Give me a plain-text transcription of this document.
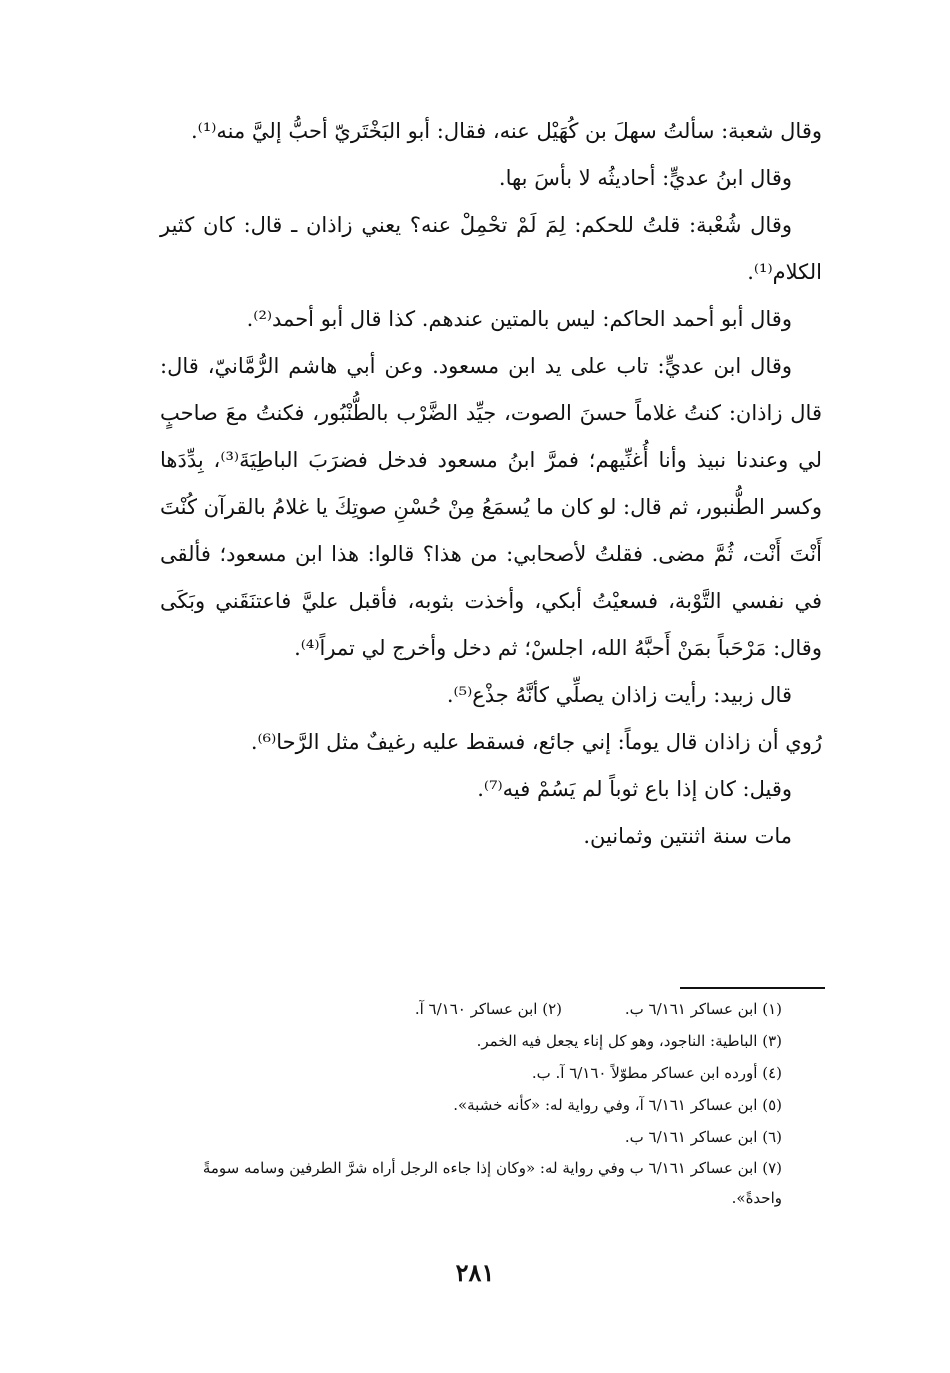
وقال شعبة: سألتُ سهلَ بن كُهَيْل عنه، فقال: أبو البَخْتَريّ أحبُّ إليَّ منه⁽¹⁾.

وقال ابنُ عديٍّ: أحاديثُه لا بأسَ بها.

وقال شُعْبة: قلتُ للحكم: لِمَ لَمْ تحْمِلْ عنه؟ يعني زاذان ـ قال: كان كثير الكلام⁽¹⁾.

وقال أبو أحمد الحاكم: ليس بالمتين عندهم. كذا قال أبو أحمد⁽²⁾.

وقال ابن عديٍّ: تاب على يد ابن مسعود. وعن أبي هاشم الرُّمَّانيّ، قال: قال زاذان: كنتُ غلاماً حسنَ الصوت، جيِّد الضَّرْب بالطُّنْبُور، فكنتُ معَ صاحبٍ لي وعندنا نبيذ وأنا أُغنِّيهم؛ فمرَّ ابنُ مسعود فدخل فضرَبَ الباطِيَةَ⁽³⁾، بِدِّدَها وكسر الطُّنبور، ثم قال: لو كان ما يُسمَعُ مِنْ حُسْنِ صوتِكَ يا غلامُ بالقرآن كُنْتَ أَنْتَ أَنْت، ثُمَّ مضى. فقلتُ لأصحابي: من هذا؟ قالوا: هذا ابن مسعود؛ فألقى في نفسي التَّوْبة، فسعيْتُ أبكي، وأخذت بثوبه، فأقبل عليَّ فاعتنَقَني وبَكَى وقال: مَرْحَباً بمَنْ أَحبَّهُ الله، اجلسْ؛ ثم دخل وأخرج لي تمراً⁽⁴⁾.

قال زبيد: رأيت زاذان يصلِّي كأنَّهُ جذْع⁽⁵⁾.

رُوي أن زاذان قال يوماً: إني جائع، فسقط عليه رغيفٌ مثل الرَّحا⁽⁶⁾.

وقيل: كان إذا باع ثوباً لم يَسُمْ فيه⁽⁷⁾.

مات سنة اثنتين وثمانين.

(١) ابن عساكر ٦/١٦١ ب.
(٢) ابن عساكر ٦/١٦٠ آ.
(٣) الباطية: الناجود، وهو كل إناء يجعل فيه الخمر.
(٤) أورده ابن عساكر مطوّلاً ٦/١٦٠ آ. ب.
(٥) ابن عساكر ٦/١٦١ آ، وفي رواية له: «كأنه خشبة».
(٦) ابن عساكر ٦/١٦١ ب.
(٧) ابن عساكر ٦/١٦١ ب وفي رواية له: «وكان إذا جاءه الرجل أراه شرَّ الطرفين وسامه سومةً واحدةً».
٢٨١
